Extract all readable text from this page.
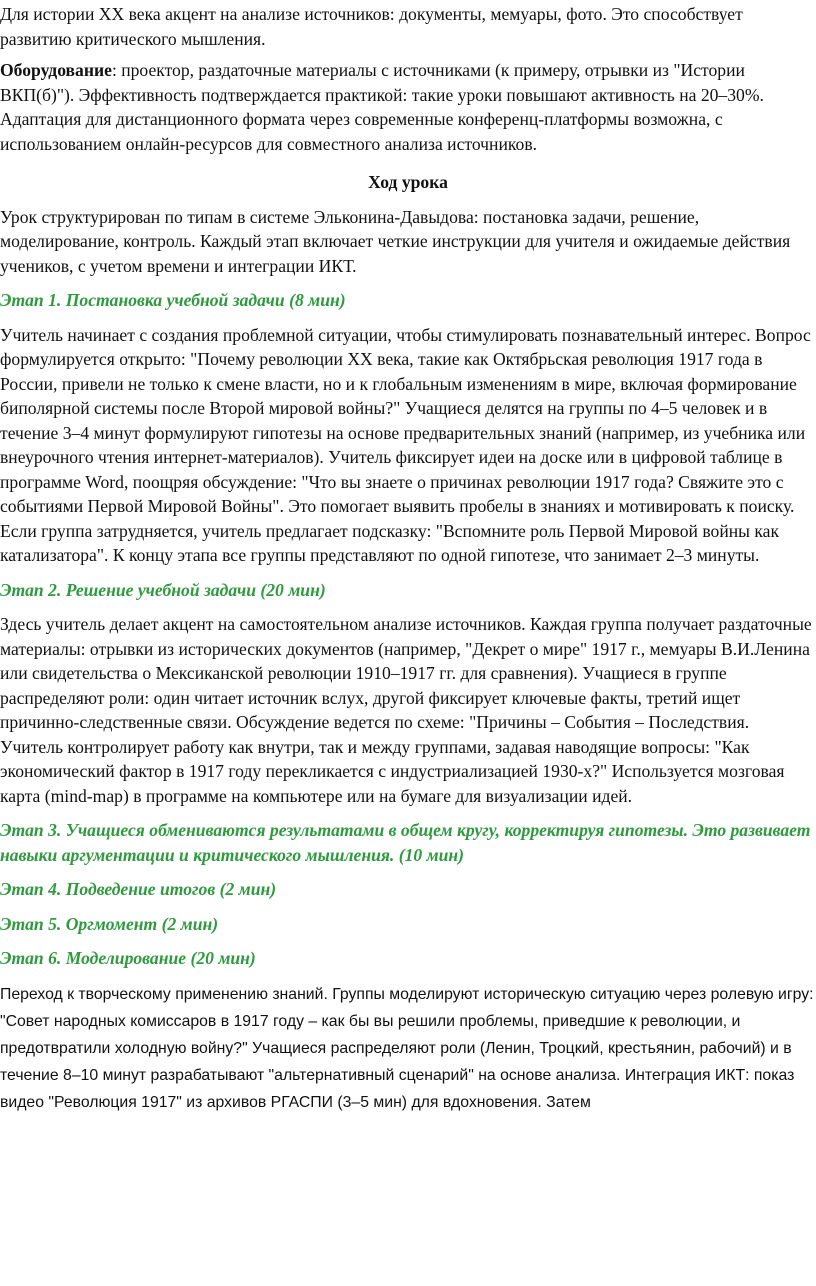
Для истории XX века акцент на анализе источников: документы, мемуары, фото. Это способствует развитию критического мышления.

Оборудование: проектор, раздаточные материалы с источниками (к примеру, отрывки из "Истории ВКП(б)"). Эффективность подтверждается практикой: такие уроки повышают активность на 20–30%. Адаптация для дистанционного формата через современные конференц-платформы возможна, с использованием онлайн-ресурсов для совместного анализа источников.

Ход урока

Урок структурирован по типам в системе Эльконина-Давыдова: постановка задачи, решение, моделирование, контроль. Каждый этап включает четкие инструкции для учителя и ожидаемые действия учеников, с учетом времени и интеграции ИКТ.

Этап 1. Постановка учебной задачи (8 мин)

Учитель начинает с создания проблемной ситуации, чтобы стимулировать познавательный интерес. Вопрос формулируется открыто: "Почему революции XX века, такие как Октябрьская революция 1917 года в России, привели не только к смене власти, но и к глобальным изменениям в мире, включая формирование биполярной системы после Второй мировой войны?" Учащиеся делятся на группы по 4–5 человек и в течение 3–4 минут формулируют гипотезы на основе предварительных знаний (например, из учебника или внеурочного чтения интернет-материалов). Учитель фиксирует идеи на доске или в цифровой таблице в программе Word, поощряя обсуждение: "Что вы знаете о причинах революции 1917 года? Свяжите это с событиями Первой Мировой Войны". Это помогает выявить пробелы в знаниях и мотивировать к поиску. Если группа затрудняется, учитель предлагает подсказку: "Вспомните роль Первой Мировой войны как катализатора". К концу этапа все группы представляют по одной гипотезе, что занимает 2–3 минуты.

Этап 2. Решение учебной задачи (20 мин)

Здесь учитель делает акцент на самостоятельном анализе источников. Каждая группа получает раздаточные материалы: отрывки из исторических документов (например, "Декрет о мире" 1917 г., мемуары В.И.Ленина или свидетельства о Мексиканской революции 1910–1917 гг. для сравнения). Учащиеся в группе распределяют роли: один читает источник вслух, другой фиксирует ключевые факты, третий ищет причинно-следственные связи. Обсуждение ведется по схеме: "Причины – События – Последствия. Учитель контролирует работу как внутри, так и между группами, задавая наводящие вопросы: "Как экономический фактор в 1917 году перекликается с индустриализацией 1930-х?" Используется мозговая карта (mind-map) в программе на компьютере или на бумаге для визуализации идей.

Этап 3. Учащиеся обмениваются результатами в общем кругу, корректируя гипотезы. Это развивает навыки аргументации и критического мышления. (10 мин)

Этап 4. Подведение итогов (2 мин)

Этап 5. Оргмомент (2 мин)

Этап 6. Моделирование (20 мин)

Переход к творческому применению знаний. Группы моделируют историческую ситуацию через ролевую игру: "Совет народных комиссаров в 1917 году – как бы вы решили проблемы, приведшие к революции, и предотвратили холодную войну?" Учащиеся распределяют роли (Ленин, Троцкий, крестьянин, рабочий) и в течение 8–10 минут разрабатывают "альтернативный сценарий" на основе анализа. Интеграция ИКТ: показ видео "Революция 1917" из архивов РГАСПИ (3–5 мин) для вдохновения. Затем
